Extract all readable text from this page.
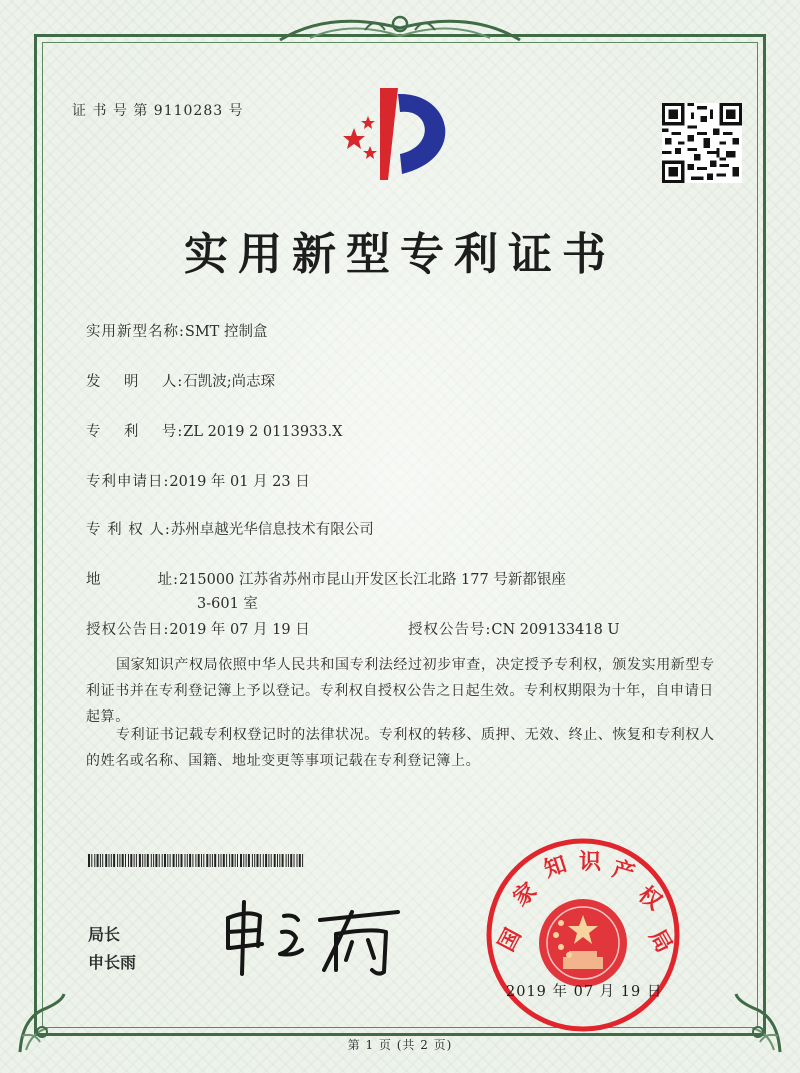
证 书 号 第 9110283 号
实用新型专利证书
实用新型名称:SMT 控制盒
发    明    人:石凯波;尚志琛
专    利    号:ZL 2019 2 0113933.X
专利申请日:2019 年 01 月 23 日
专 利 权 人:苏州卓越光华信息技术有限公司
地          址:215000 江苏省苏州市昆山开发区长江北路 177 号新都银座
3-601 室
授权公告日:2019 年 07 月 19 日	授权公告号:CN 209133418 U
国家知识产权局依照中华人民共和国专利法经过初步审查，决定授予专利权，颁发实用新型专利证书并在专利登记簿上予以登记。专利权自授权公告之日起生效。专利权期限为十年，自申请日起算。
专利证书记载专利权登记时的法律状况。专利权的转移、质押、无效、终止、恢复和专利权人的姓名或名称、国籍、地址变更等事项记载在专利登记簿上。
局长
申长雨
国
家
知 识 产
权
局
2019 年 07 月 19 日
第 1 页 (共 2 页)
